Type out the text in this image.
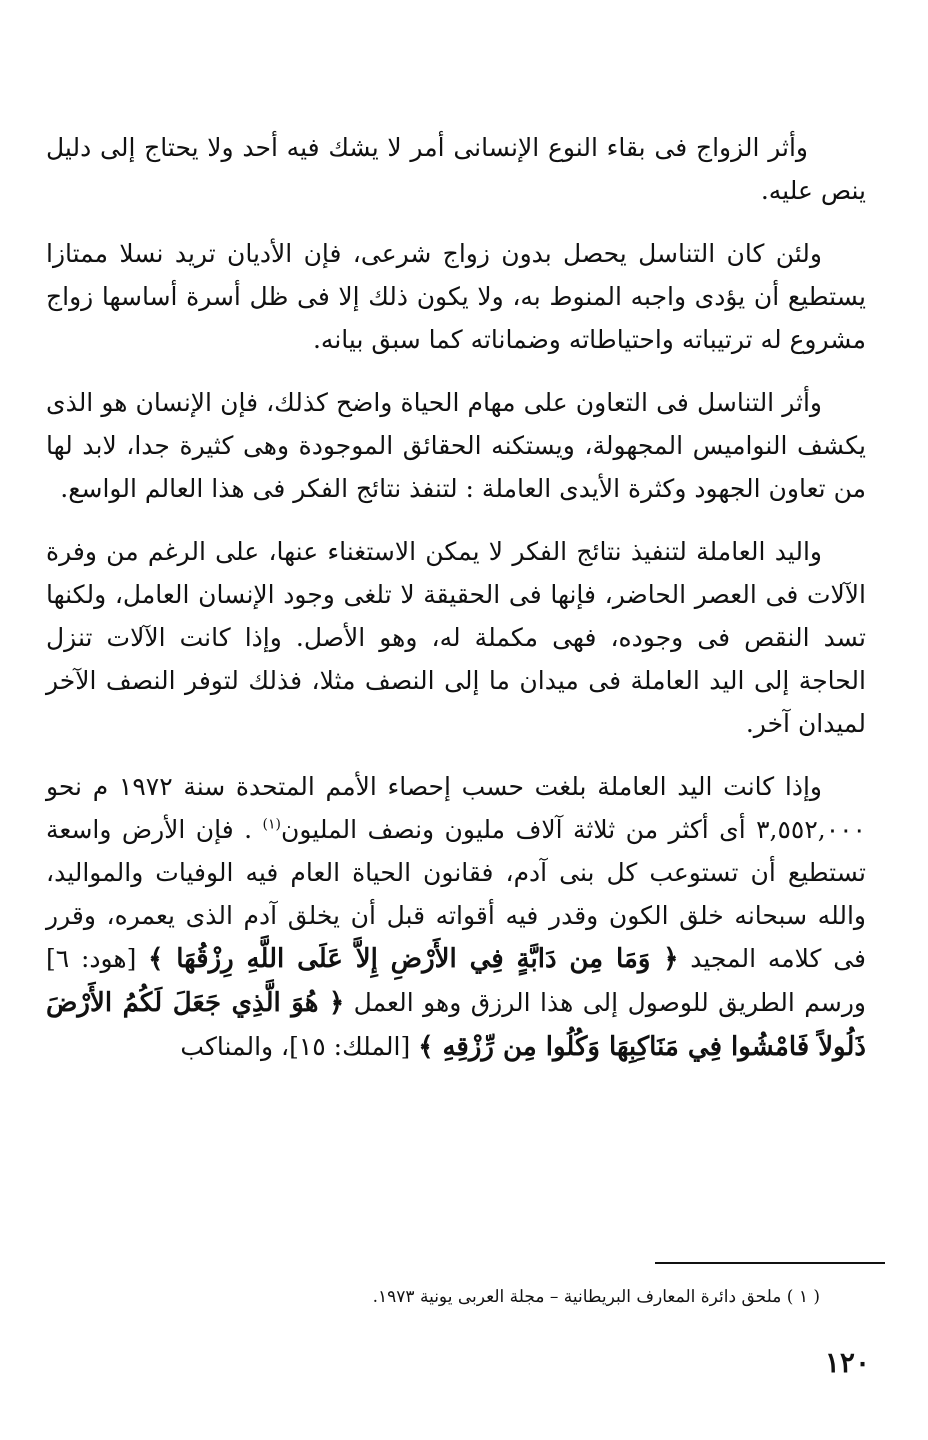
وأثر الزواج فى بقاء النوع الإنسانى أمر لا يشك فيه أحد ولا يحتاج إلى دليل ينص عليه.

ولئن كان التناسل يحصل بدون زواج شرعى، فإن الأديان تريد نسلا ممتازا يستطيع أن يؤدى واجبه المنوط به، ولا يكون ذلك إلا فى ظل أسرة أساسها زواج مشروع له ترتيباته واحتياطاته وضماناته كما سبق بيانه.

وأثر التناسل فى التعاون على مهام الحياة واضح كذلك، فإن الإنسان هو الذى يكشف النواميس المجهولة، ويستكنه الحقائق الموجودة وهى كثيرة جدا، لابد لها من تعاون الجهود وكثرة الأيدى العاملة : لتنفذ نتائج الفكر فى هذا العالم الواسع.

واليد العاملة لتنفيذ نتائج الفكر لا يمكن الاستغناء عنها، على الرغم من وفرة الآلات فى العصر الحاضر، فإنها فى الحقيقة لا تلغى وجود الإنسان العامل، ولكنها تسد النقص فى وجوده، فهى مكملة له، وهو الأصل. وإذا كانت الآلات تنزل الحاجة إلى اليد العاملة فى ميدان ما إلى النصف مثلا، فذلك لتوفر النصف الآخر لميدان آخر.

وإذا كانت اليد العاملة بلغت حسب إحصاء الأمم المتحدة سنة ١٩٧٢ م نحو ٣,٥٥٢,٠٠٠ أى أكثر من ثلاثة آلاف مليون ونصف المليون$^{(١)}$ . فإن الأرض واسعة تستطيع أن تستوعب كل بنى آدم، فقانون الحياة العام فيه الوفيات والمواليد، والله سبحانه خلق الكون وقدر فيه أقواته قبل أن يخلق آدم الذى يعمره، وقرر فى كلامه المجيد ﴿ وَمَا مِن دَابَّةٍ فِي الأَرْضِ إِلاَّ عَلَى اللَّهِ رِزْقُهَا ﴾ [هود: ٦] ورسم الطريق للوصول إلى هذا الرزق وهو العمل ﴿ هُوَ الَّذِي جَعَلَ لَكُمُ الأَرْضَ ذَلُولاً فَامْشُوا فِي مَنَاكِبِهَا وَكُلُوا مِن رِّزْقِهِ ﴾ [الملك: ١٥]، والمناكب

( ١ ) ملحق دائرة المعارف البريطانية – مجلة العربى يونية ١٩٧٣.
١٢٠
